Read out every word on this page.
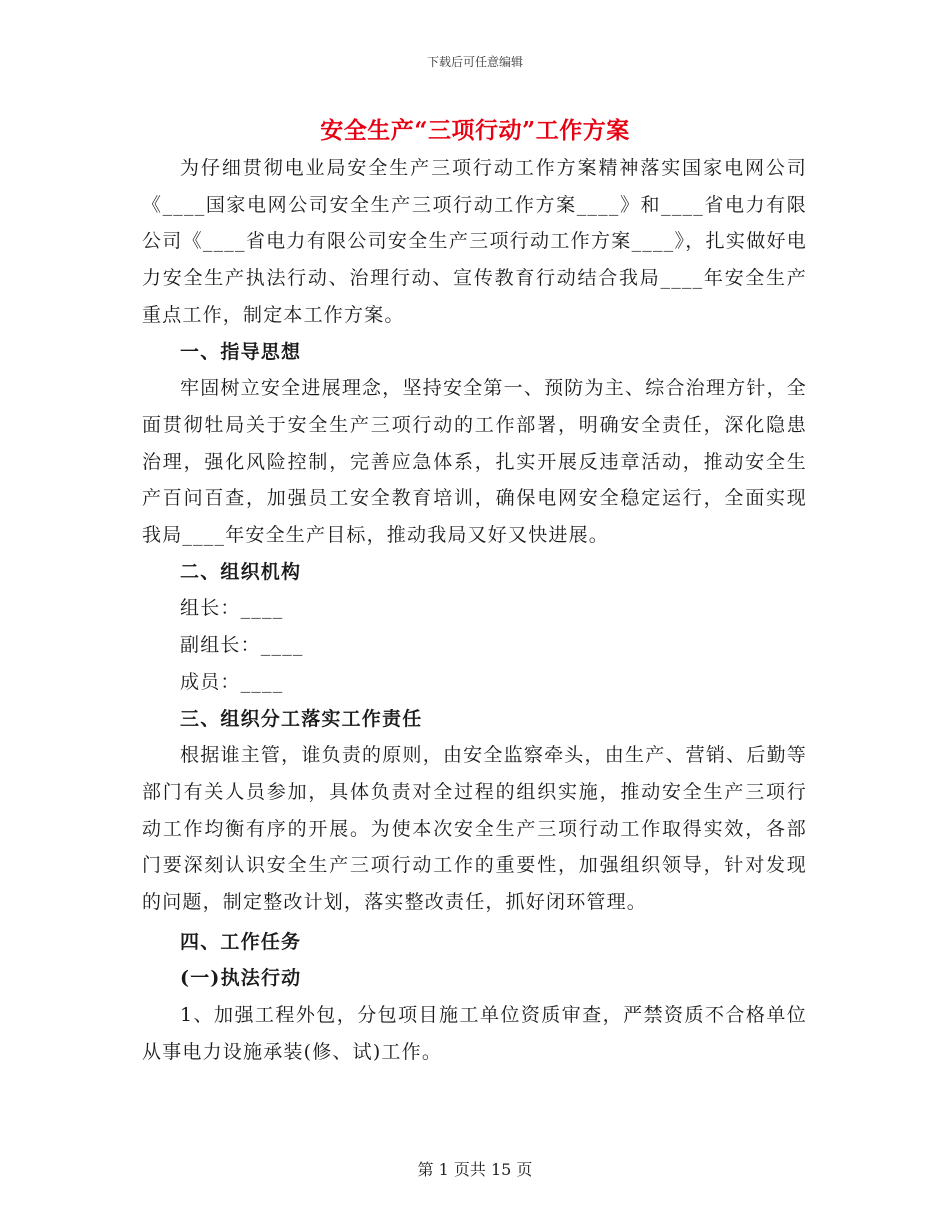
下载后可任意编辑
安全生产“三项行动”工作方案

为仔细贯彻电业局安全生产三项行动工作方案精神落实国家电网公司《____国家电网公司安全生产三项行动工作方案____》和____省电力有限公司《____省电力有限公司安全生产三项行动工作方案____》，扎实做好电力安全生产执法行动、治理行动、宣传教育行动结合我局____年安全生产重点工作，制定本工作方案。

一、指导思想

牢固树立安全进展理念，坚持安全第一、预防为主、综合治理方针，全面贯彻牡局关于安全生产三项行动的工作部署，明确安全责任，深化隐患治理，强化风险控制，完善应急体系，扎实开展反违章活动，推动安全生产百问百查，加强员工安全教育培训，确保电网安全稳定运行，全面实现我局____年安全生产目标，推动我局又好又快进展。

二、组织机构

组长：____

副组长：____

成员：____

三、组织分工落实工作责任

根据谁主管，谁负责的原则，由安全监察牵头，由生产、营销、后勤等部门有关人员参加，具体负责对全过程的组织实施，推动安全生产三项行动工作均衡有序的开展。为使本次安全生产三项行动工作取得实效，各部门要深刻认识安全生产三项行动工作的重要性，加强组织领导，针对发现的问题，制定整改计划，落实整改责任，抓好闭环管理。

四、工作任务

(一)执法行动

1、加强工程外包，分包项目施工单位资质审查，严禁资质不合格单位从事电力设施承装(修、试)工作。

第 1 页共 15 页
